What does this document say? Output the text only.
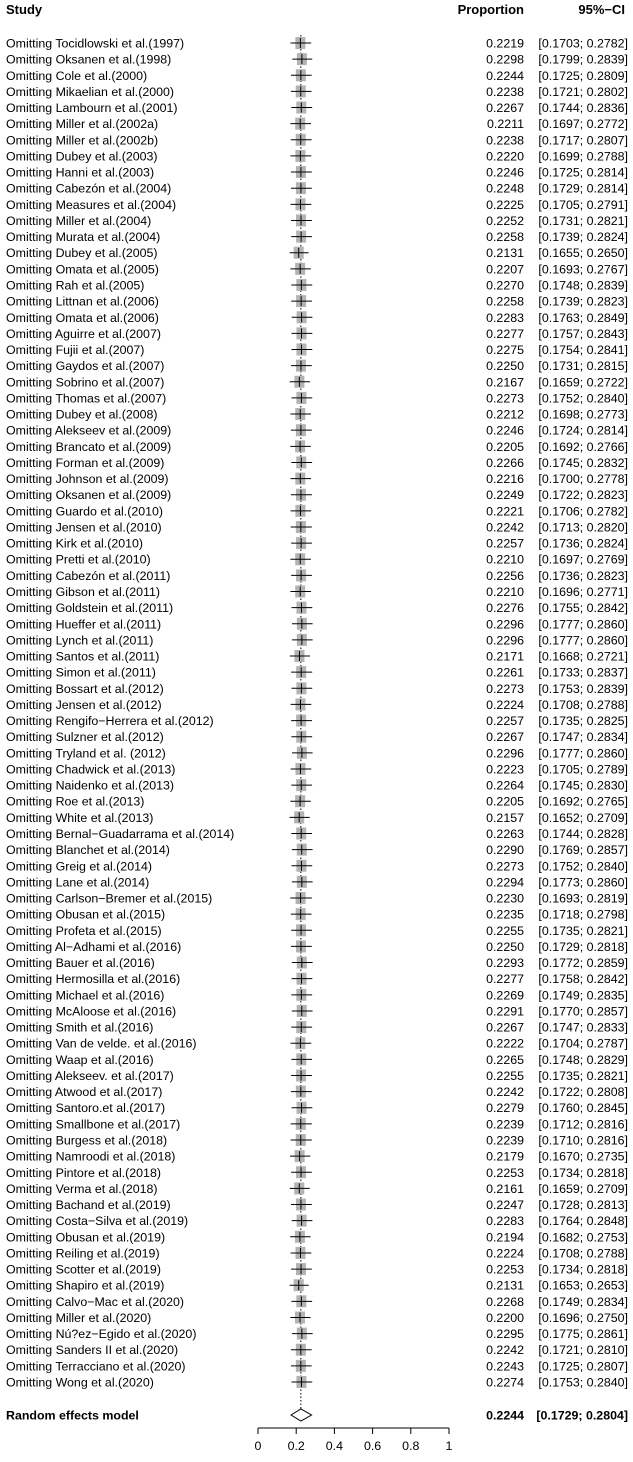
Study	Proportion	95%−CI
Omitting Tocidlowski et al.(1997)	0.2219 [0.1703; 0.2782]
Omitting Oksanen et al.(1998)	0.2298 [0.1799; 0.2839]
Omitting Cole et al.(2000)	0.2244 [0.1725; 0.2809]
Omitting Mikaelian et al.(2000)	0.2238 [0.1721; 0.2802]
Omitting Lambourn et al.(2001)	0.2267 [0.1744; 0.2836]
Omitting Miller et al.(2002a)	0.2211 [0.1697; 0.2772]
Omitting Miller et al.(2002b)	0.2238 [0.1717; 0.2807]
Omitting Dubey et al.(2003)	0.2220 [0.1699; 0.2788]
Omitting Hanni et al.(2003)	0.2246 [0.1725; 0.2814]
Omitting Cabezón et al.(2004)	0.2248 [0.1729; 0.2814]
Omitting Measures et al.(2004)	0.2225 [0.1705; 0.2791]
Omitting Miller et al.(2004)	0.2252 [0.1731; 0.2821]
Omitting Murata et al.(2004)	0.2258 [0.1739; 0.2824]
Omitting Dubey et al.(2005)	0.2131 [0.1655; 0.2650]
Omitting Omata et al.(2005)	0.2207 [0.1693; 0.2767]
Omitting Rah et al.(2005)	0.2270 [0.1748; 0.2839]
Omitting Littnan et al.(2006)	0.2258 [0.1739; 0.2823]
Omitting Omata et al.(2006)	0.2283 [0.1763; 0.2849]
Omitting Aguirre et al.(2007)	0.2277 [0.1757; 0.2843]
Omitting Fujii et al.(2007)	0.2275 [0.1754; 0.2841]
Omitting Gaydos et al.(2007)	0.2250 [0.1731; 0.2815]
Omitting Sobrino et al.(2007)	0.2167 [0.1659; 0.2722]
Omitting Thomas et al.(2007)	0.2273 [0.1752; 0.2840]
Omitting Dubey et al.(2008)	0.2212 [0.1698; 0.2773]
Omitting Alekseev et al.(2009)	0.2246 [0.1724; 0.2814]
Omitting Brancato et al.(2009)	0.2205 [0.1692; 0.2766]
Omitting Forman et al.(2009)	0.2266 [0.1745; 0.2832]
Omitting Johnson et al.(2009)	0.2216 [0.1700; 0.2778]
Omitting Oksanen et al.(2009)	0.2249 [0.1722; 0.2823]
Omitting Guardo et al.(2010)	0.2221 [0.1706; 0.2782]
Omitting Jensen et al.(2010)	0.2242 [0.1713; 0.2820]
Omitting Kirk et al.(2010)	0.2257 [0.1736; 0.2824]
Omitting Pretti et al.(2010)	0.2210 [0.1697; 0.2769]
Omitting Cabezón et al.(2011)	0.2256 [0.1736; 0.2823]
Omitting Gibson et al.(2011)	0.2210 [0.1696; 0.2771]
Omitting Goldstein et al.(2011)	0.2276 [0.1755; 0.2842]
Omitting Hueffer et al.(2011)	0.2296 [0.1777; 0.2860]
Omitting Lynch et al.(2011)	0.2296 [0.1777; 0.2860]
Omitting Santos et al.(2011)	0.2171 [0.1668; 0.2721]
Omitting Simon et al.(2011)	0.2261 [0.1733; 0.2837]
Omitting Bossart et al.(2012)	0.2273 [0.1753; 0.2839]
Omitting Jensen et al.(2012)	0.2224 [0.1708; 0.2788]
Omitting Rengifo−Herrera et al.(2012)	0.2257 [0.1735; 0.2825]
Omitting Sulzner et al.(2012)	0.2267 [0.1747; 0.2834]
Omitting Tryland et al. (2012)	0.2296 [0.1777; 0.2860]
Omitting Chadwick et al.(2013)	0.2223 [0.1705; 0.2789]
Omitting Naidenko et al.(2013)	0.2264 [0.1745; 0.2830]
Omitting Roe et al.(2013)	0.2205 [0.1692; 0.2765]
Omitting White et al.(2013)	0.2157 [0.1652; 0.2709]
Omitting Bernal−Guadarrama et al.(2014)	0.2263 [0.1744; 0.2828]
Omitting Blanchet et al.(2014)	0.2290 [0.1769; 0.2857]
Omitting Greig et al.(2014)	0.2273 [0.1752; 0.2840]
Omitting Lane et al.(2014)	0.2294 [0.1773; 0.2860]
Omitting Carlson−Bremer et al.(2015)	0.2230 [0.1693; 0.2819]
Omitting Obusan et al.(2015)	0.2235 [0.1718; 0.2798]
Omitting Profeta et al.(2015)	0.2255 [0.1735; 0.2821]
Omitting Al−Adhami et al.(2016)	0.2250 [0.1729; 0.2818]
Omitting Bauer et al.(2016)	0.2293 [0.1772; 0.2859]
Omitting Hermosilla et al.(2016)	0.2277 [0.1758; 0.2842]
Omitting Michael et al.(2016)	0.2269 [0.1749; 0.2835]
Omitting McAloose et al.(2016)	0.2291 [0.1770; 0.2857]
Omitting Smith et al.(2016)	0.2267 [0.1747; 0.2833]
Omitting Van de velde. et al.(2016)	0.2222 [0.1704; 0.2787]
Omitting Waap et al.(2016)	0.2265 [0.1748; 0.2829]
Omitting Alekseev. et al.(2017)	0.2255 [0.1735; 0.2821]
Omitting Atwood et al.(2017)	0.2242 [0.1722; 0.2808]
Omitting Santoro.et al.(2017)	0.2279 [0.1760; 0.2845]
Omitting Smallbone et al.(2017)	0.2239 [0.1712; 0.2816]
Omitting Burgess et al.(2018)	0.2239 [0.1710; 0.2816]
Omitting Namroodi et al.(2018)	0.2179 [0.1670; 0.2735]
Omitting Pintore et al.(2018)	0.2253 [0.1734; 0.2818]
Omitting Verma et al.(2018)	0.2161 [0.1659; 0.2709]
Omitting Bachand et al.(2019)	0.2247 [0.1728; 0.2813]
Omitting Costa−Silva et al.(2019)	0.2283 [0.1764; 0.2848]
Omitting Obusan et al.(2019)	0.2194 [0.1682; 0.2753]
Omitting Reiling et al.(2019)	0.2224 [0.1708; 0.2788]
Omitting Scotter et al.(2019)	0.2253 [0.1734; 0.2818]
Omitting Shapiro et al.(2019)	0.2131 [0.1653; 0.2653]
Omitting Calvo−Mac et al.(2020)	0.2268 [0.1749; 0.2834]
Omitting Miller et al.(2020)	0.2200 [0.1696; 0.2750]
Omitting Nú?ez−Egido et al.(2020)	0.2295 [0.1775; 0.2861]
Omitting Sanders II et al.(2020)	0.2242 [0.1721; 0.2810]
Omitting Terracciano et al.(2020)	0.2243 [0.1725; 0.2807]
Omitting Wong et al.(2020)	0.2274 [0.1753; 0.2840]
Random effects model	0.2244 [0.1729; 0.2804]
0 0.2 0.4 0.6 0.8 1
